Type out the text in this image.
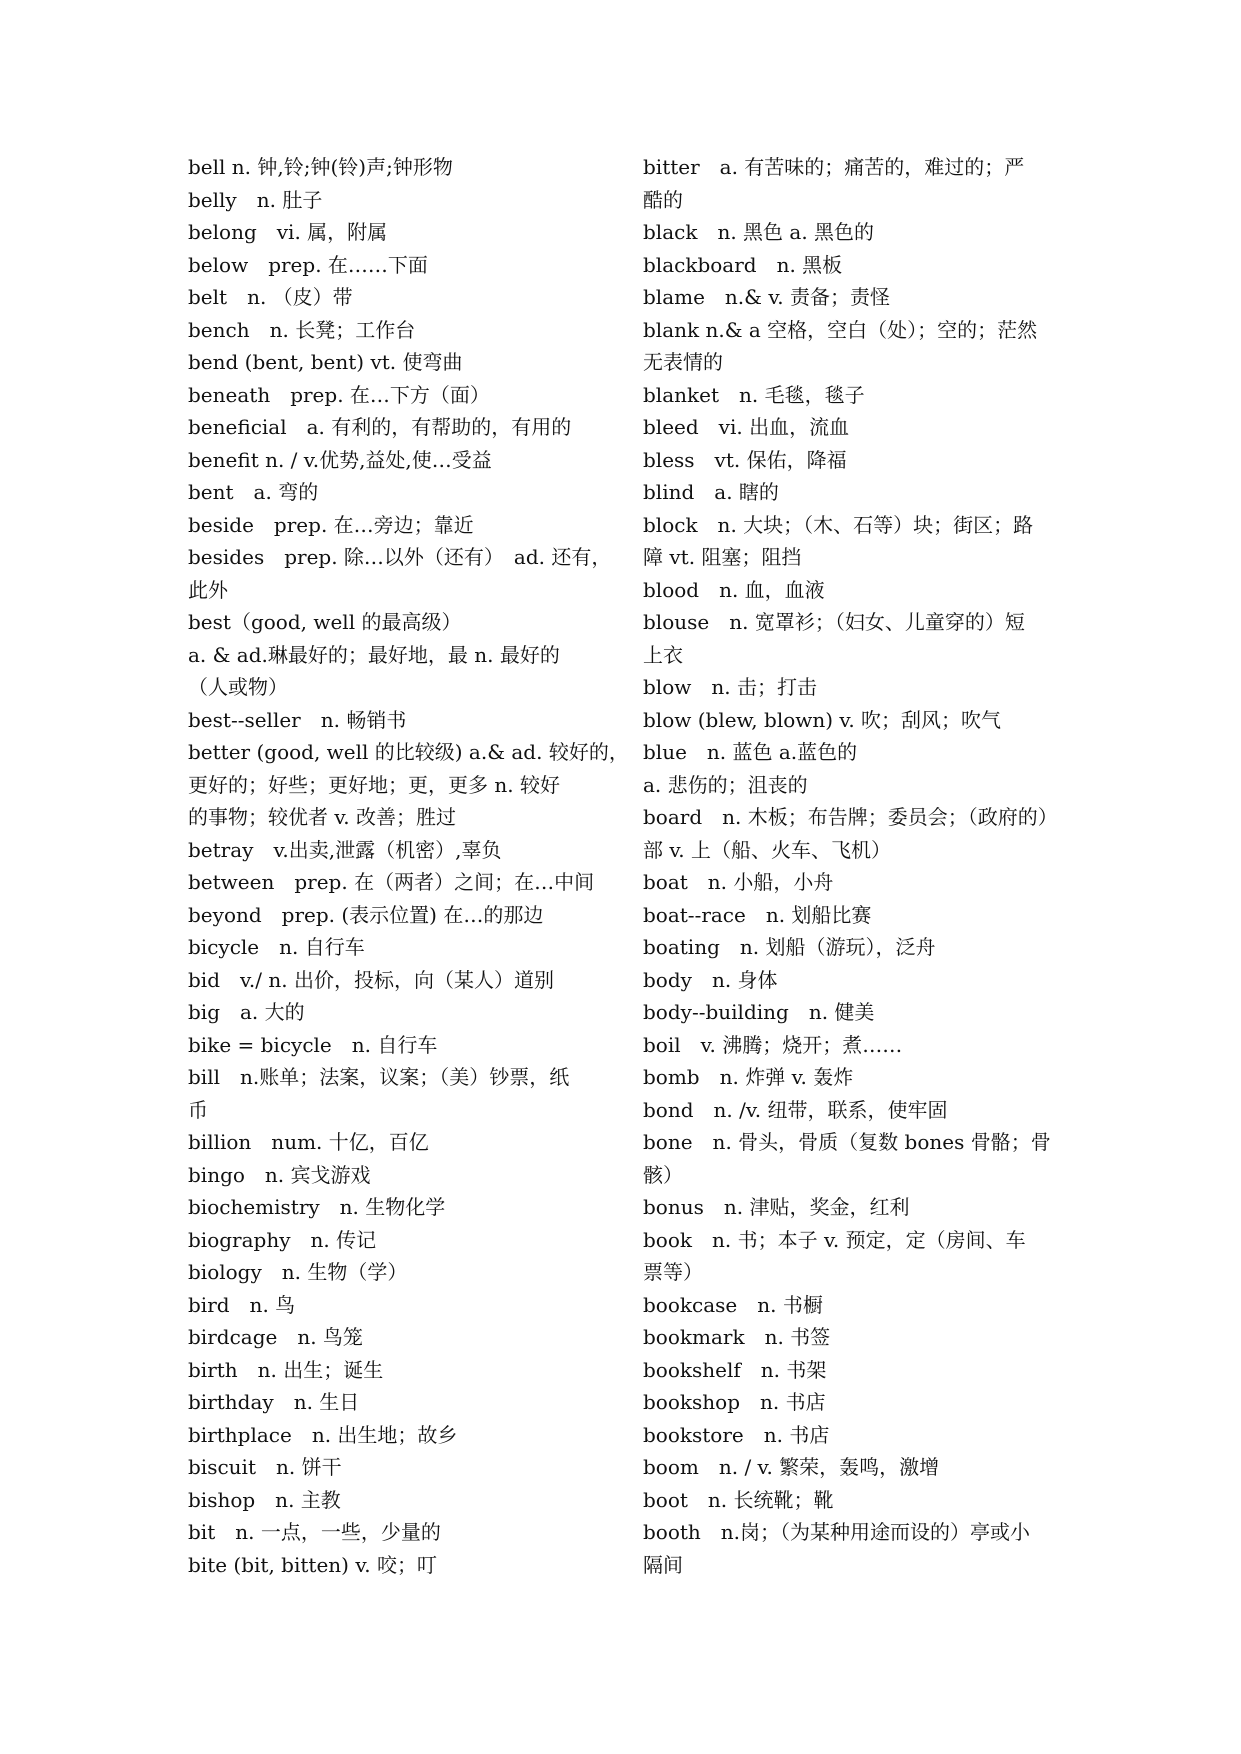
bell n. 钟,铃;钟(铃)声;钟形物
belly　n. 肚子
belong　vi. 属，附属
below　prep. 在……下面
belt　n. （皮）带
bench　n. 长凳；工作台
bend (bent, bent) vt. 使弯曲
beneath　prep. 在…下方（面）
beneficial　a. 有利的，有帮助的，有用的
benefit n. / v.优势,益处,使…受益
bent　a. 弯的
beside　prep. 在…旁边；靠近
besides　prep. 除…以外（还有）　ad. 还有，
此外
best（good, well 的最高级）
a. & ad.琳最好的；最好地，最 n. 最好的
（人或物）
best--seller　n. 畅销书
better (good, well 的比较级) a.& ad. 较好的，
更好的；好些；更好地；更，更多 n. 较好
的事物；较优者 v. 改善；胜过
betray　v.出卖,泄露（机密）,辜负
between　prep. 在（两者）之间；在…中间
beyond　prep. (表示位置) 在…的那边
bicycle　n. 自行车
bid　v./ n. 出价，投标，向（某人）道别
big　a. 大的
bike = bicycle　n. 自行车
bill　n.账单；法案，议案；（美）钞票，纸
币
billion　num. 十亿，百亿
bingo　n. 宾戈游戏
biochemistry　n. 生物化学
biography　n. 传记
biology　n. 生物（学）
bird　n. 鸟
birdcage　n. 鸟笼
birth　n. 出生；诞生
birthday　n. 生日
birthplace　n. 出生地；故乡
biscuit　n. 饼干
bishop　n. 主教
bit　n. 一点，一些，少量的
bite (bit, bitten) v. 咬；叮
bitter　a. 有苦味的；痛苦的，难过的；严
酷的
black　n. 黑色 a. 黑色的
blackboard　n. 黑板
blame　n.& v. 责备；责怪
blank n.& a 空格，空白（处）；空的；茫然
无表情的
blanket　n. 毛毯，毯子
bleed　vi. 出血，流血
bless　vt. 保佑，降福
blind　a. 瞎的
block　n. 大块；（木、石等）块；街区；路
障 vt. 阻塞；阻挡
blood　n. 血，血液
blouse　n. 宽罩衫；（妇女、儿童穿的）短
上衣
blow　n. 击；打击
blow (blew, blown) v. 吹；刮风；吹气
blue　n. 蓝色 a.蓝色的
a. 悲伤的；沮丧的
board　n. 木板；布告牌；委员会；（政府的）
部 v. 上（船、火车、飞机）
boat　n. 小船，小舟
boat--race　n. 划船比赛
boating　n. 划船（游玩），泛舟
body　n. 身体
body--building　n. 健美
boil　v. 沸腾；烧开；煮……
bomb　n. 炸弹 v. 轰炸
bond　n. /v. 纽带，联系，使牢固
bone　n. 骨头，骨质（复数 bones 骨骼；骨
骸）
bonus　n. 津贴，奖金，红利
book　n. 书；本子 v. 预定，定（房间、车
票等）
bookcase　n. 书橱
bookmark　n. 书签
bookshelf　n. 书架
bookshop　n. 书店
bookstore　n. 书店
boom　n. / v. 繁荣，轰鸣，激增
boot　n. 长统靴；靴
booth　n.岗；（为某种用途而设的）亭或小
隔间
